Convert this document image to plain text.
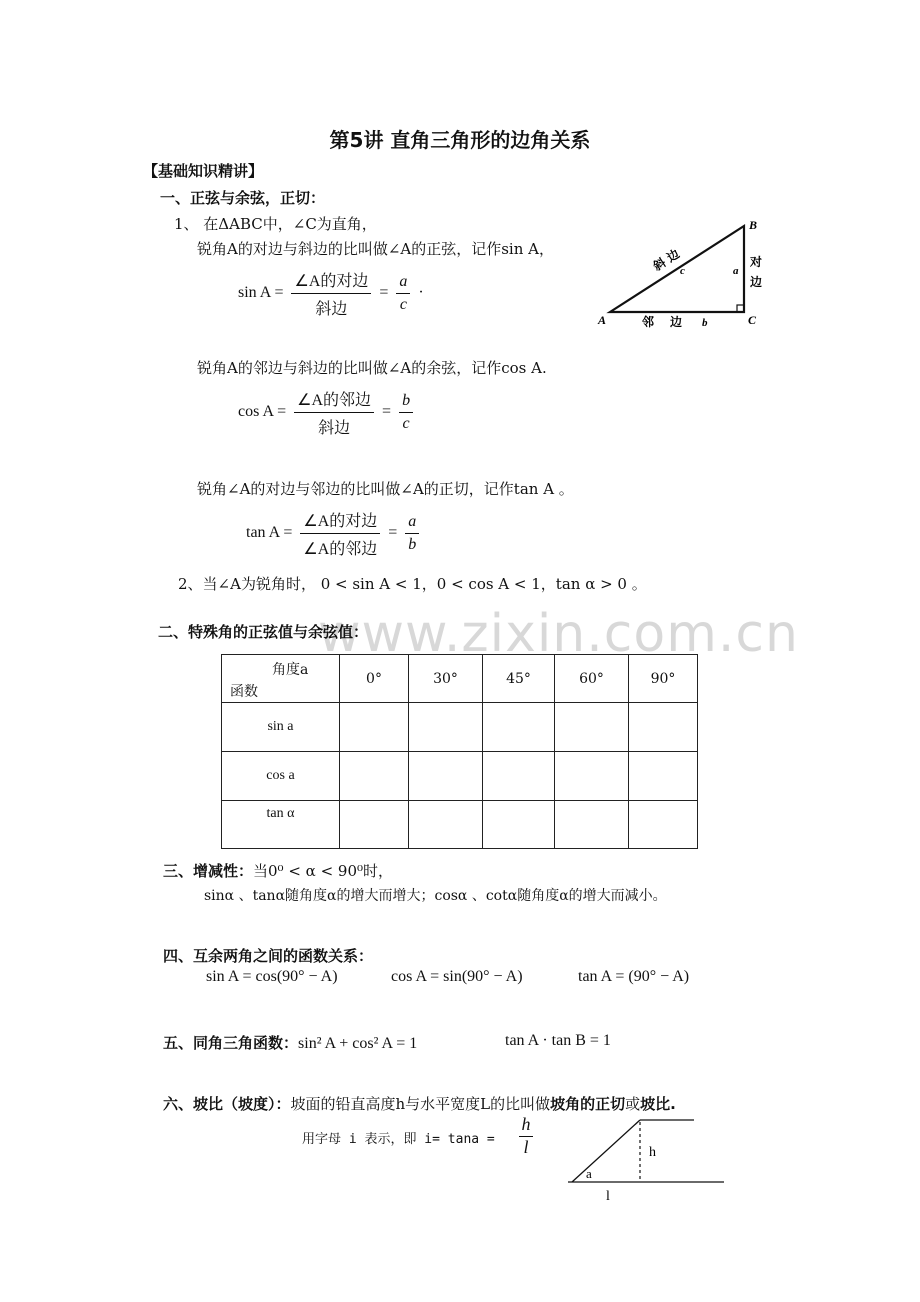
第5讲 直角三角形的边角关系
【基础知识精讲】
一、正弦与余弦，正切：
1、 在ΔABC中，∠C为直角，
锐角A的对边与斜边的比叫做∠A的正弦，记作sin A，
$\sin A = \frac{\text{∠A的对边}}{\text{斜边}} = \frac{a}{c}$ ·
A
B
C
斜 边
c	a
对
边
邻 边 b
锐角A的邻边与斜边的比叫做∠A的余弦，记作cos A.
$\cos A = \frac{\text{∠A的邻边}}{\text{斜边}} = \frac{b}{c}$
锐角∠A的对边与邻边的比叫做∠A的正切，记作tan A 。
$\tan A = \frac{\text{∠A的对边}}{\text{∠A的邻边}} = \frac{a}{b}$
2、当∠A为锐角时， 0 < sin A < 1，0 < cos A < 1，tan α > 0 。
www.zixin.com.cn
二、特殊角的正弦值与余弦值：
角度a
函数	0°	30°	45°	60°	90°
sin a					
cos a					
tan α					
三、增减性：当0⁰ < α < 90⁰时，
sinα 、tanα随角度α的增大而增大；cosα 、cotα随角度α的增大而减小。
四、互余两角之间的函数关系：
sin A = cos(90° − A)	cos A = sin(90° − A)	tan A = (90° − A)
五、同角三角函数：sin² A + cos² A = 1	tan A · tan B = 1
六、坡比（坡度）：坡面的铅直高度h与水平宽度L的比叫做坡角的正切或坡比.
用字母 i 表示，即 $i= \tan a = \frac{h}{l}$	h
a
l
